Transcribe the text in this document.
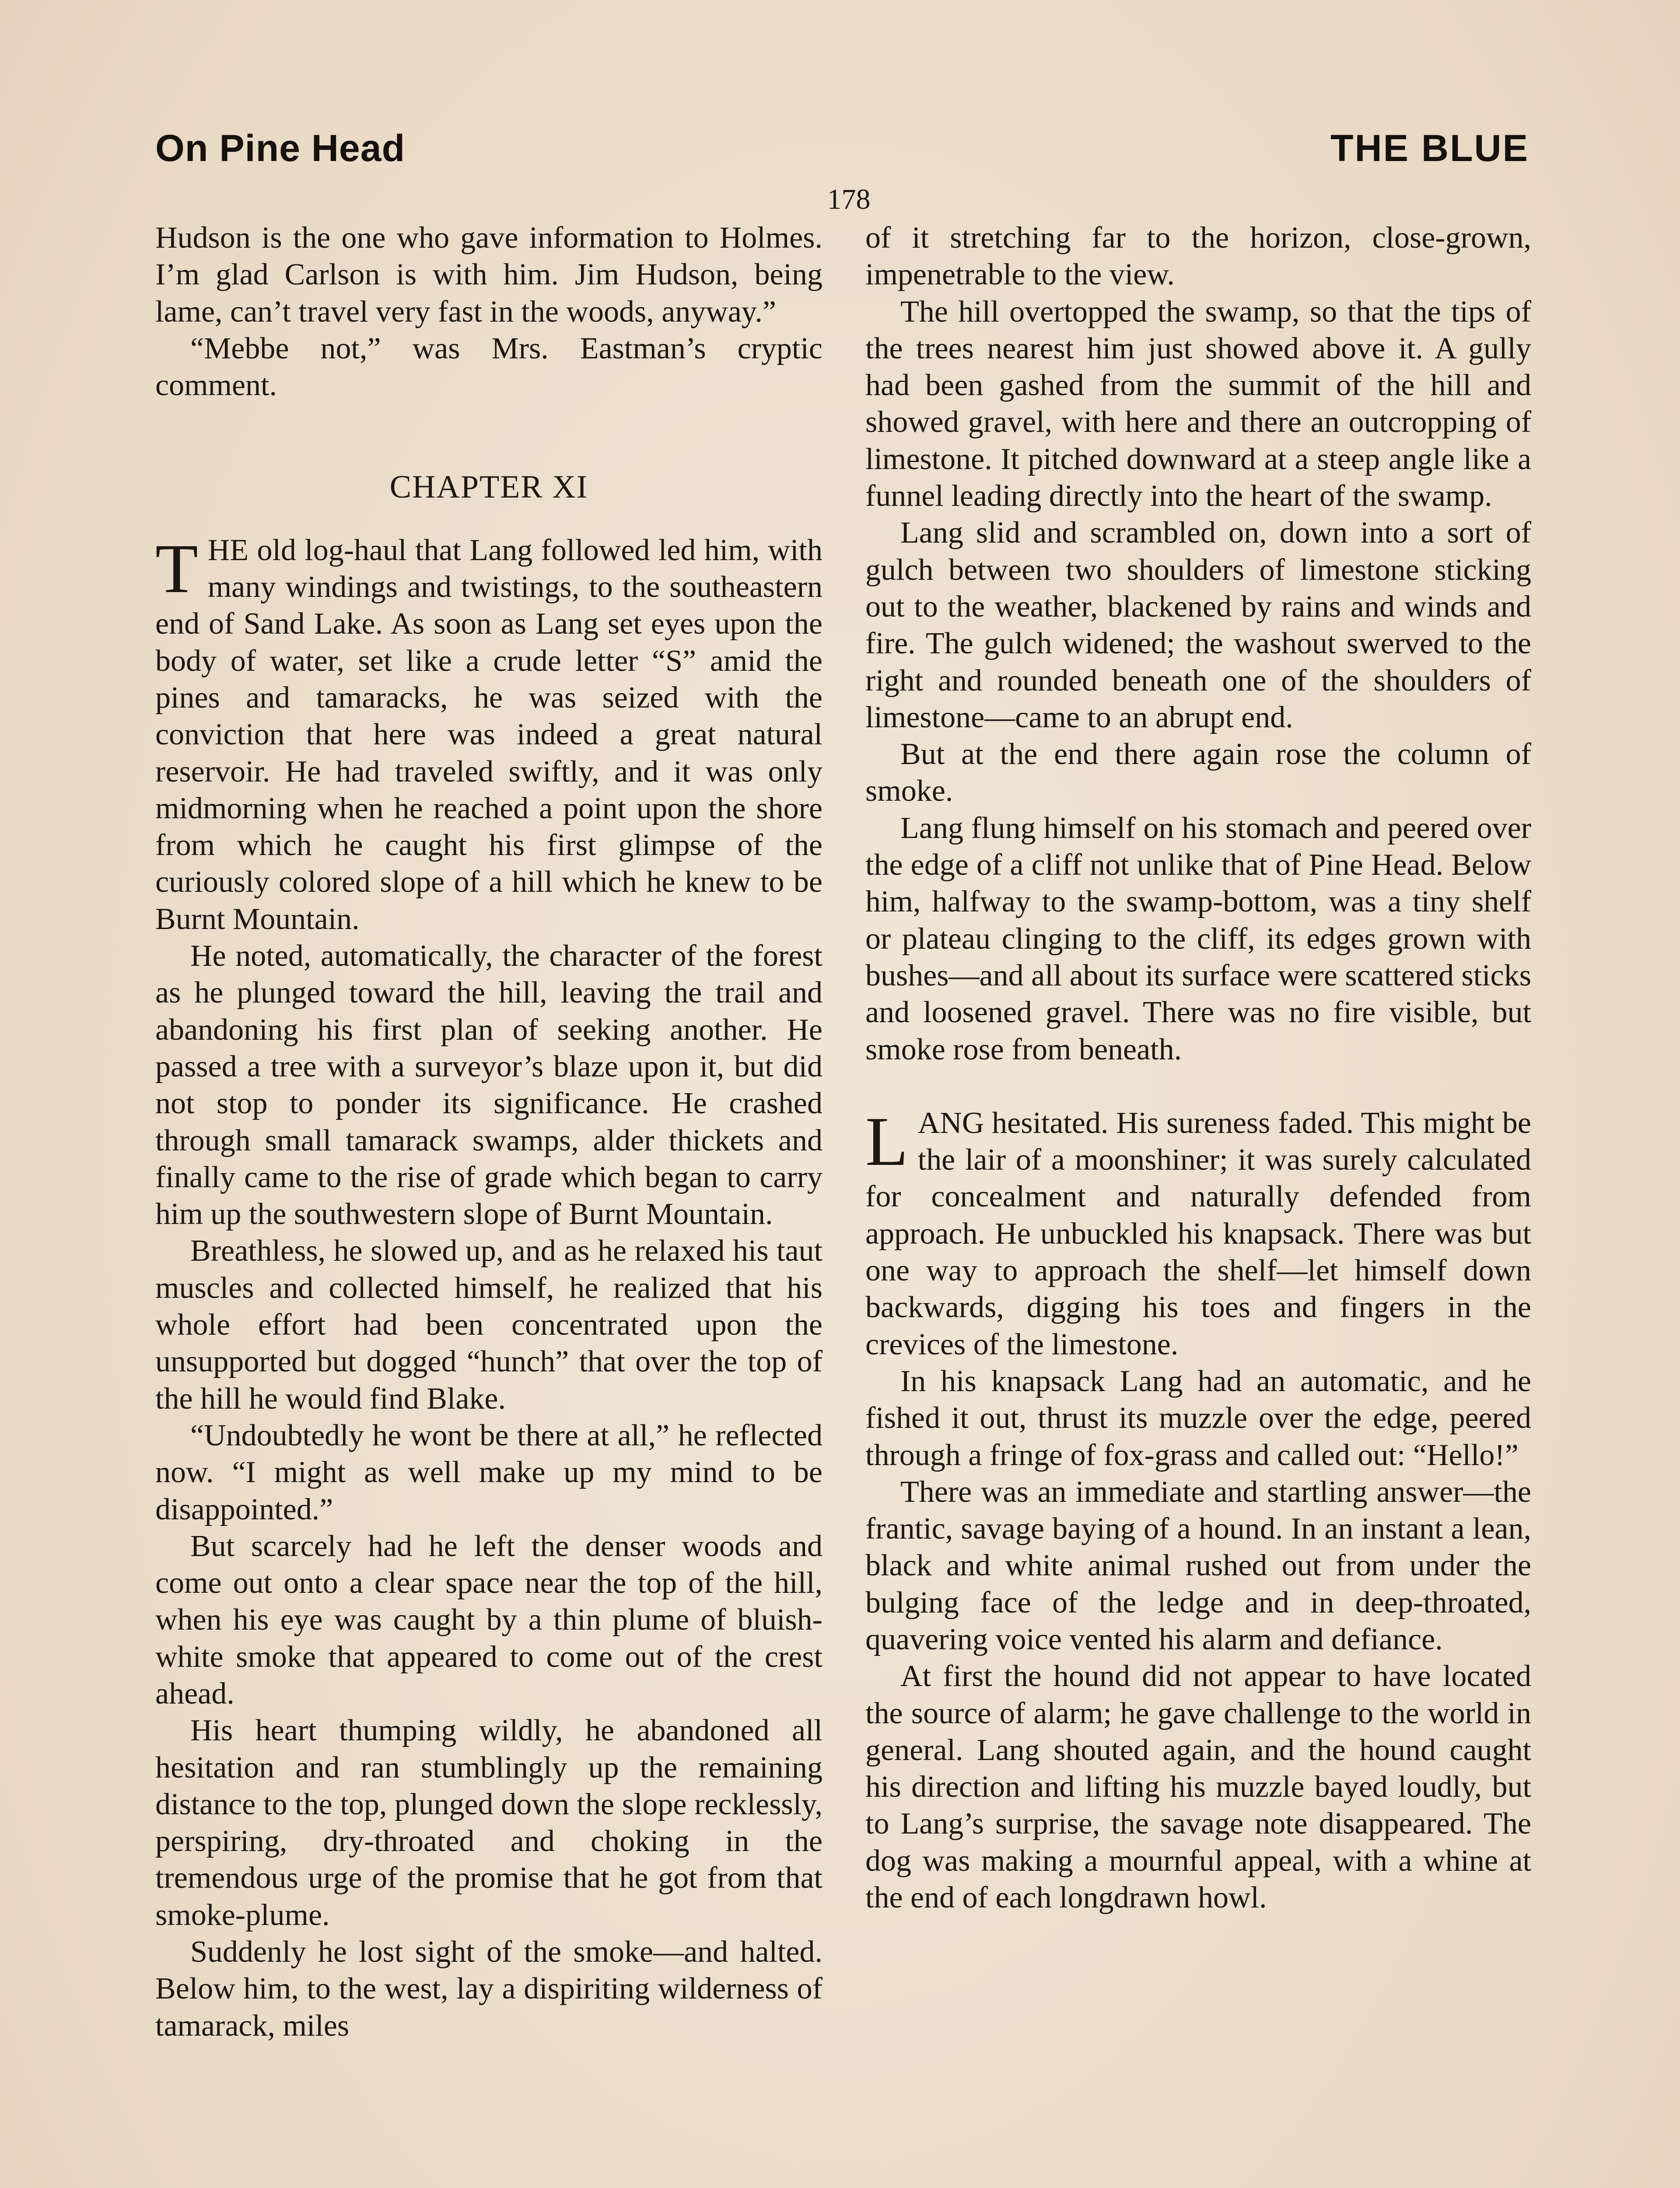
On Pine Head	THE BLUE
178

Hudson is the one who gave information to Holmes. I’m glad Carlson is with him. Jim Hudson, being lame, can’t travel very fast in the woods, anyway.”

“Mebbe not,” was Mrs. Eastman’s cryptic comment.

CHAPTER XI

THE old log-haul that Lang followed led him, with many windings and twistings, to the southeastern end of Sand Lake. As soon as Lang set eyes upon the body of water, set like a crude letter “S” amid the pines and tamaracks, he was seized with the conviction that here was indeed a great natural reservoir. He had traveled swiftly, and it was only midmorning when he reached a point upon the shore from which he caught his first glimpse of the curiously colored slope of a hill which he knew to be Burnt Mountain.

He noted, automatically, the character of the forest as he plunged toward the hill, leaving the trail and abandoning his first plan of seeking another. He passed a tree with a surveyor’s blaze upon it, but did not stop to ponder its significance. He crashed through small tamarack swamps, alder thickets and finally came to the rise of grade which began to carry him up the southwestern slope of Burnt Mountain.

Breathless, he slowed up, and as he relaxed his taut muscles and collected himself, he realized that his whole effort had been concentrated upon the unsupported but dogged “hunch” that over the top of the hill he would find Blake.

“Undoubtedly he wont be there at all,” he reflected now. “I might as well make up my mind to be disappointed.”

But scarcely had he left the denser woods and come out onto a clear space near the top of the hill, when his eye was caught by a thin plume of bluish-white smoke that appeared to come out of the crest ahead.

His heart thumping wildly, he abandoned all hesitation and ran stumblingly up the remaining distance to the top, plunged down the slope recklessly, perspiring, dry-throated and choking in the tremendous urge of the promise that he got from that smoke-plume.

Suddenly he lost sight of the smoke—and halted. Below him, to the west, lay a dispiriting wilderness of tamarack, miles

of it stretching far to the horizon, close-grown, impenetrable to the view.

The hill overtopped the swamp, so that the tips of the trees nearest him just showed above it. A gully had been gashed from the summit of the hill and showed gravel, with here and there an outcropping of limestone. It pitched downward at a steep angle like a funnel leading directly into the heart of the swamp.

Lang slid and scrambled on, down into a sort of gulch between two shoulders of limestone sticking out to the weather, blackened by rains and winds and fire. The gulch widened; the washout swerved to the right and rounded beneath one of the shoulders of limestone—came to an abrupt end.

But at the end there again rose the column of smoke.

Lang flung himself on his stomach and peered over the edge of a cliff not unlike that of Pine Head. Below him, halfway to the swamp-bottom, was a tiny shelf or plateau clinging to the cliff, its edges grown with bushes—and all about its surface were scattered sticks and loosened gravel. There was no fire visible, but smoke rose from beneath.

LANG hesitated. His sureness faded. This might be the lair of a moonshiner; it was surely calculated for concealment and naturally defended from approach. He unbuckled his knapsack. There was but one way to approach the shelf—let himself down backwards, digging his toes and fingers in the crevices of the limestone.

In his knapsack Lang had an automatic, and he fished it out, thrust its muzzle over the edge, peered through a fringe of fox-grass and called out: “Hello!”

There was an immediate and startling answer—the frantic, savage baying of a hound. In an instant a lean, black and white animal rushed out from under the bulging face of the ledge and in deep-throated, quavering voice vented his alarm and defiance.

At first the hound did not appear to have located the source of alarm; he gave challenge to the world in general. Lang shouted again, and the hound caught his direction and lifting his muzzle bayed loudly, but to Lang’s surprise, the savage note disappeared. The dog was making a mournful appeal, with a whine at the end of each longdrawn howl.
